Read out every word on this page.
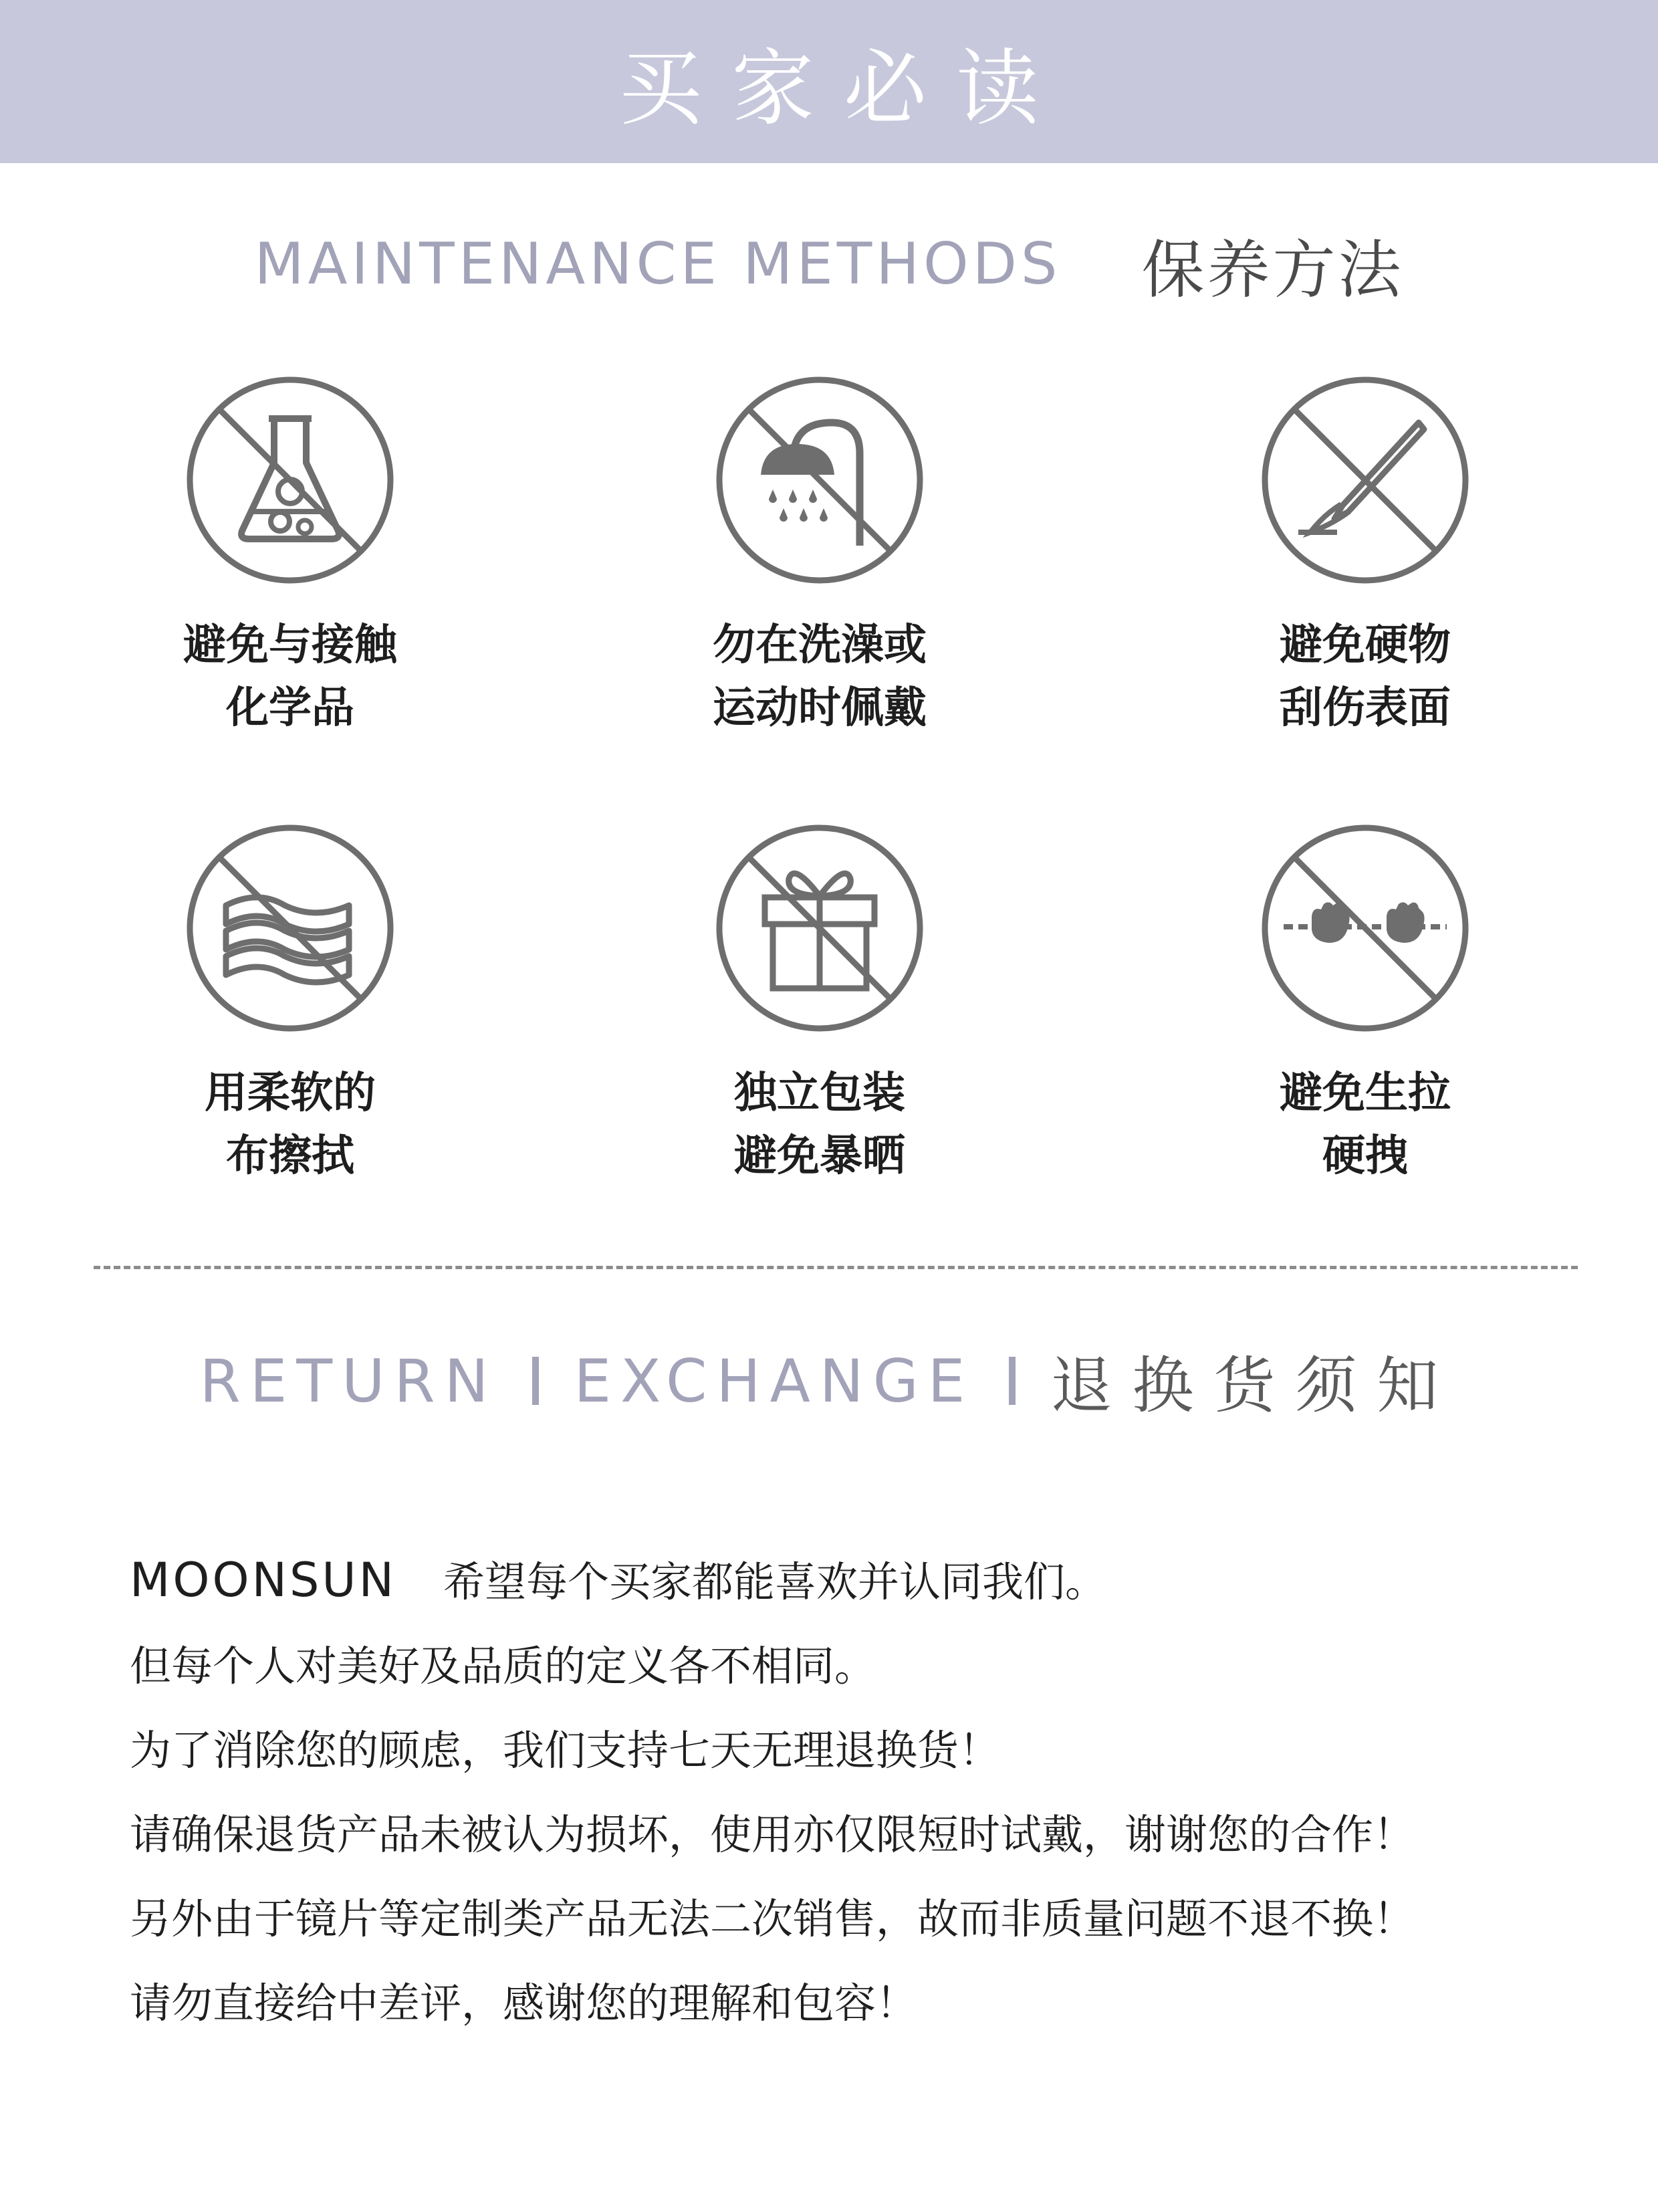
买家必读
MAINTENANCE METHODS 保养方法
避免与接触
化学品
勿在洗澡或
运动时佩戴
避免硬物
刮伤表面
用柔软的
布擦拭
独立包装
避免暴晒
避免生拉
硬拽
RETURN EXCHANGE 退换货须知
MOONSUN 希望每个买家都能喜欢并认同我们。
但每个人对美好及品质的定义各不相同。
为了消除您的顾虑，我们支持七天无理退换货！
请确保退货产品未被认为损坏，使用亦仅限短时试戴，谢谢您的合作！
另外由于镜片等定制类产品无法二次销售，故而非质量问题不退不换！
请勿直接给中差评，感谢您的理解和包容！
